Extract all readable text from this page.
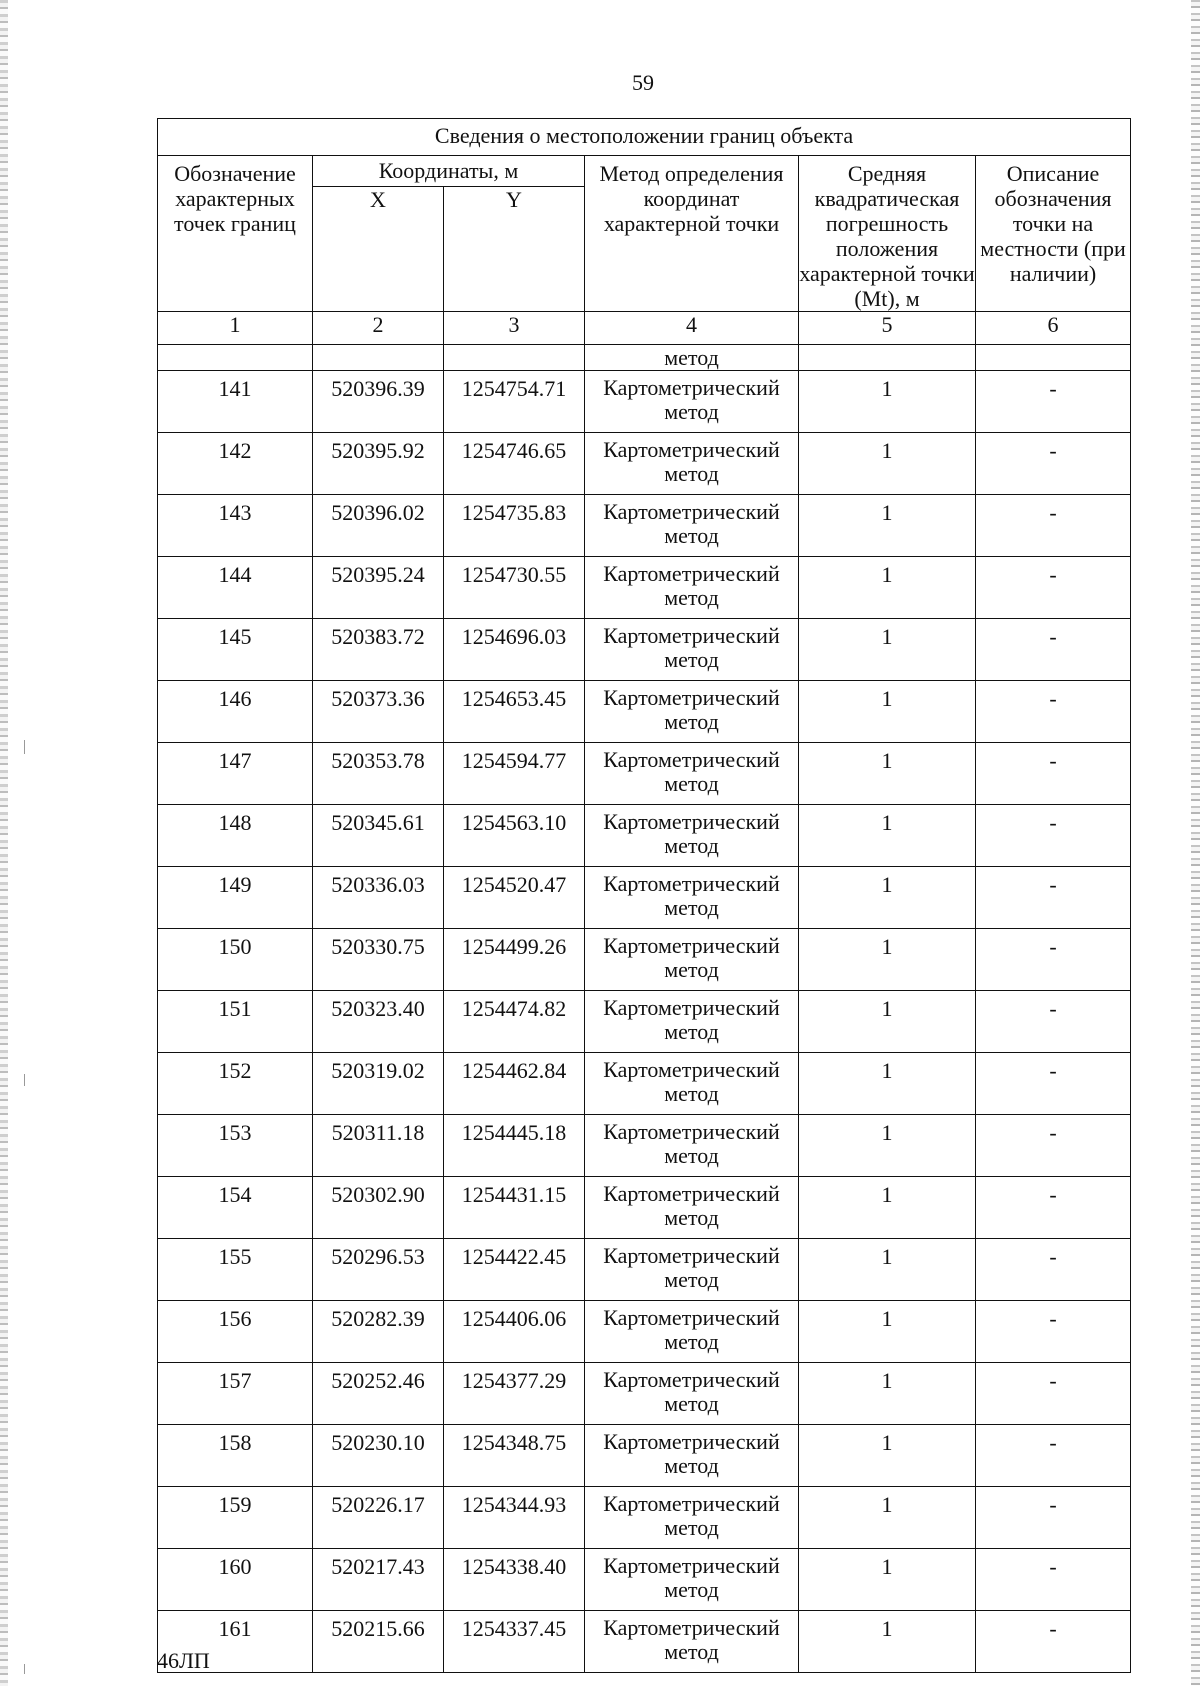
59
Сведения о местоположении границ объекта					
Обозначение характерных точек границ	Координаты, м		Метод определения координат характерной точки	Средняя квадратическая погрешность положения характерной точки (Mt), м	Описание обозначения точки на местности (при наличии)
	X	Y			
1	2	3	4	5	6
			метод		
141	520396.39	1254754.71	Картометрический метод	1	-
142	520395.92	1254746.65	Картометрический метод	1	-
143	520396.02	1254735.83	Картометрический метод	1	-
144	520395.24	1254730.55	Картометрический метод	1	-
145	520383.72	1254696.03	Картометрический метод	1	-
146	520373.36	1254653.45	Картометрический метод	1	-
147	520353.78	1254594.77	Картометрический метод	1	-
148	520345.61	1254563.10	Картометрический метод	1	-
149	520336.03	1254520.47	Картометрический метод	1	-
150	520330.75	1254499.26	Картометрический метод	1	-
151	520323.40	1254474.82	Картометрический метод	1	-
152	520319.02	1254462.84	Картометрический метод	1	-
153	520311.18	1254445.18	Картометрический метод	1	-
154	520302.90	1254431.15	Картометрический метод	1	-
155	520296.53	1254422.45	Картометрический метод	1	-
156	520282.39	1254406.06	Картометрический метод	1	-
157	520252.46	1254377.29	Картометрический метод	1	-
158	520230.10	1254348.75	Картометрический метод	1	-
159	520226.17	1254344.93	Картометрический метод	1	-
160	520217.43	1254338.40	Картометрический метод	1	-
161	520215.66	1254337.45	Картометрический метод	1	-
46ЛП
